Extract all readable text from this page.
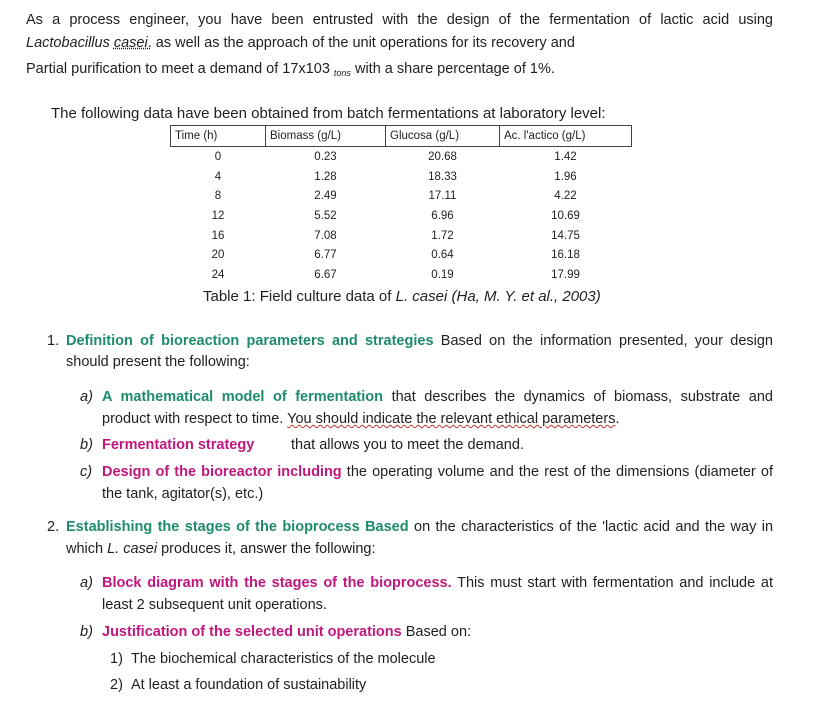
As a process engineer, you have been entrusted with the design of the fermentation of lactic acid using
Lactobacillus casei. as well as the approach of the unit operations for its recovery and
Partial purification to meet a demand of 17x103 $_{tons}$ with a share percentage of 1%.
The following data have been obtained from batch fermentations at laboratory level:
Time (h)	Biomass (g/L)	Glucosa (g/L)	Ac. l'actico (g/L)
0	0.23	20.68	1.42
4	1.28	18.33	1.96
8	2.49	17.11	4.22
12	5.52	6.96	10.69
16	7.08	1.72	14.75
20	6.77	0.64	16.18
24	6.67	0.19	17.99
Table 1: Field culture data of L. casei (Ha, M. Y. et al., 2003)
1. Definition of bioreaction parameters and strategies Based on the information presented, your design
should present the following:
a) A mathematical model of fermentation that describes the dynamics of biomass, substrate and
product with respect to time. You should indicate the relevant ethical parameters.
b) Fermentation strategy	that allows you to meet the demand.
c) Design of the bioreactor including the operating volume and the rest of the dimensions (diameter of
the tank, agitator(s), etc.)
2. Establishing the stages of the bioprocess Based on the characteristics of the 'lactic acid and the way in
which L. casei produces it, answer the following:
a) Block diagram with the stages of the bioprocess. This must start with fermentation and include at
least 2 subsequent unit operations.
b) Justification of the selected unit operations Based on:
1) The biochemical characteristics of the molecule
2) At least a foundation of sustainability
